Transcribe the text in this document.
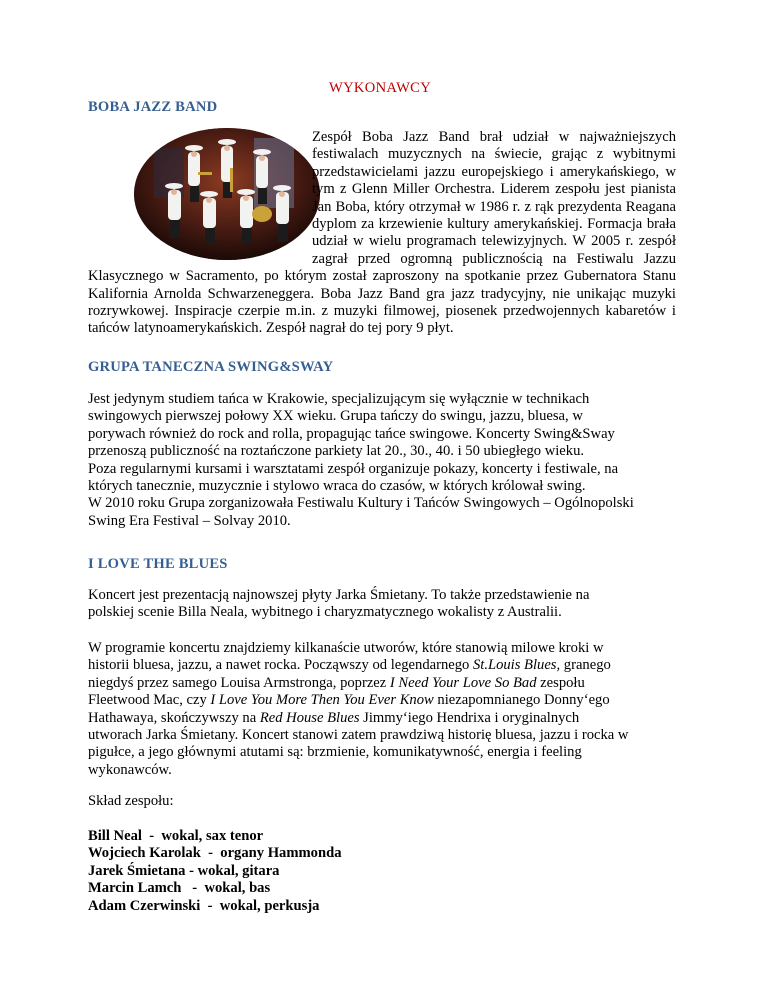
WYKONAWCY
BOBA JAZZ BAND
Zespół Boba Jazz Band brał udział w najważniejszych festiwalach muzycznych na świecie, grając z wybitnymi przedstawicielami jazzu europejskiego i amerykańskiego, w tym z Glenn Miller Orchestra. Liderem zespołu jest pianista Jan Boba, który otrzymał w 1986 r. z rąk prezydenta Reagana dyplom za krzewienie kultury amerykańskiej. Formacja brała udział w wielu programach telewizyjnych. W 2005 r. zespół zagrał przed ogromną publicznością na Festiwalu Jazzu Klasycznego w Sacramento, po którym został zaproszony na spotkanie przez Gubernatora Stanu Kalifornia Arnolda Schwarzeneggera. Boba Jazz Band gra jazz tradycyjny, nie unikając muzyki rozrywkowej. Inspiracje czerpie m.in. z muzyki filmowej, piosenek przedwojennych kabaretów i tańców latynoamerykańskich. Zespół nagrał do tej pory 9 płyt.
GRUPA TANECZNA SWING&SWAY
Jest jedynym studiem tańca w Krakowie, specjalizującym się wyłącznie w technikach
swingowych pierwszej połowy XX wieku. Grupa tańczy do swingu, jazzu, bluesa, w
porywach również do rock and rolla, propagując tańce swingowe. Koncerty Swing&Sway
przenoszą publiczność na roztańczone parkiety lat 20., 30., 40. i 50 ubiegłego wieku.
Poza regularnymi kursami i warsztatami zespół organizuje pokazy, koncerty i festiwale, na
których tanecznie, muzycznie i stylowo wraca do czasów, w których królował swing.
W 2010 roku Grupa zorganizowała Festiwalu Kultury i Tańców Swingowych – Ogólnopolski
Swing Era Festival – Solvay 2010.
I LOVE THE BLUES
Koncert jest prezentacją najnowszej płyty Jarka Śmietany. To także przedstawienie na
polskiej scenie Billa Neala, wybitnego i charyzmatycznego wokalisty z Australii.
W programie koncertu znajdziemy kilkanaście utworów, które stanowią milowe kroki w
historii bluesa, jazzu, a nawet rocka. Począwszy od legendarnego St.Louis Blues, granego
niegdyś przez samego Louisa Armstronga, poprzez I Need Your Love So Bad zespołu
Fleetwood Mac, czy I Love You More Then You Ever Know niezapomnianego Donny‘ego
Hathawaya, skończywszy na Red House Blues Jimmy‘iego Hendrixa i oryginalnych
utworach Jarka Śmietany. Koncert stanowi zatem prawdziwą historię bluesa, jazzu i rocka w
pigułce, a jego głównymi atutami są: brzmienie, komunikatywność, energia i feeling
wykonawców.

Skład zespołu:

Bill Neal  -  wokal, sax tenor
Wojciech Karolak  -  organy Hammonda
Jarek Śmietana - wokal, gitara
Marcin Lamch   -  wokal, bas
Adam Czerwinski  -  wokal, perkusja
